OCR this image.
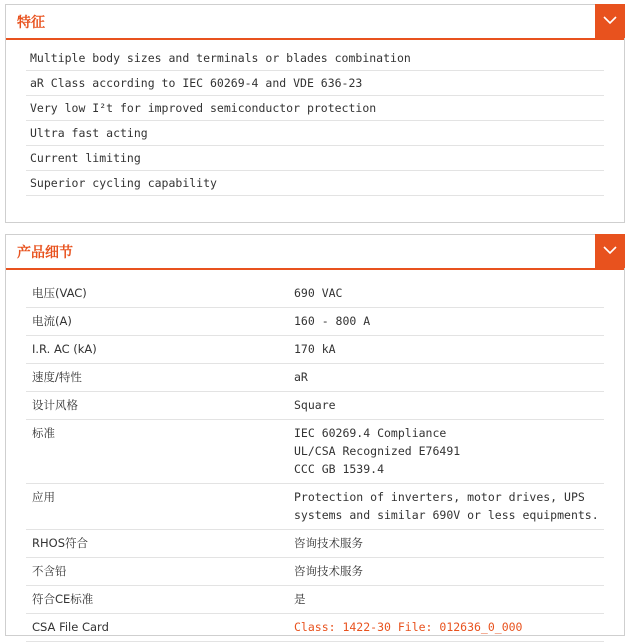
特征
Multiple body sizes and terminals or blades combination
aR Class according to IEC 60269-4 and VDE 636-23
Very low I²t for improved semiconductor protection
Ultra fast acting
Current limiting
Superior cycling capability
产品细节
电压(VAC)	690 VAC
电流(A)	160 - 800 A
I.R. AC (kA)	170 kA
速度/特性	aR
设计风格	Square
标准	IEC 60269.4 Compliance
UL/CSA Recognized E76491
CCC GB 1539.4
应用	Protection of inverters, motor drives, UPS
systems and similar 690V or less equipments.
RHOS符合	咨询技术服务
不含铅	咨询技术服务
符合CE标准	是
CSA File Card	Class: 1422-30 File: 012636_0_000
